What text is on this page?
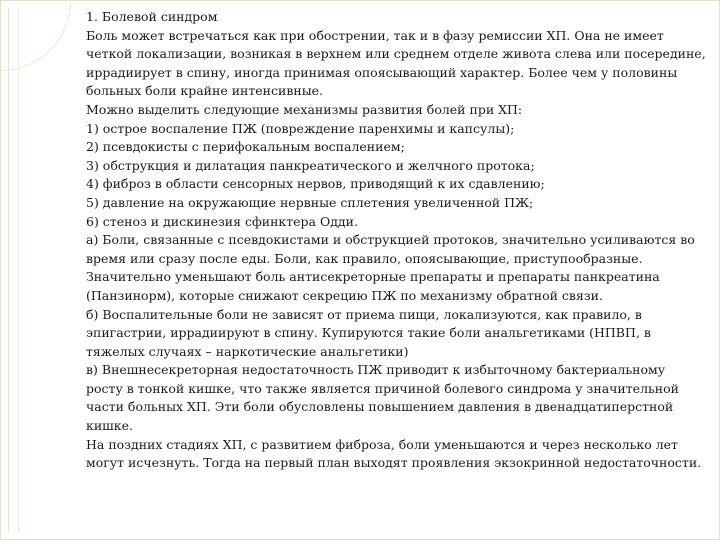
1. Болевой синдром
Боль может встречаться как при обострении, так и в фазу ремиссии ХП. Она не имеет
четкой локализации, возникая в верхнем или среднем отделе живота слева или посередине,
иррадиирует в спину, иногда принимая опоясывающий характер. Более чем у половины
больных боли крайне интенсивные.
Можно выделить следующие механизмы развития болей при ХП:
1) острое воспаление ПЖ (повреждение паренхимы и капсулы);
2) псевдокисты с перифокальным воспалением;
3) обструкция и дилатация панкреатического и желчного протока;
4) фиброз в области сенсорных нервов, приводящий к их сдавлению;
5) давление на окружающие нервные сплетения увеличенной ПЖ;
6) стеноз и дискинезия сфинктера Одди.
а) Боли, связанные с псевдокистами и обструкцией протоков, значительно усиливаются во
время или сразу после еды. Боли, как правило, опоясывающие, приступообразные.
Значительно уменьшают боль антисекреторные препараты и препараты панкреатина
(Панзинорм), которые снижают секрецию ПЖ по механизму обратной связи.
б) Воспалительные боли не зависят от приема пищи, локализуются, как правило, в
эпигастрии, иррадиируют в спину. Купируются такие боли анальгетиками (НПВП, в
тяжелых случаях – наркотические анальгетики)
в) Внешнесекреторная недостаточность ПЖ приводит к избыточному бактериальному
росту в тонкой кишке, что также является причиной болевого синдрома у значительной
части больных ХП. Эти боли обусловлены повышением давления в двенадцатиперстной
кишке.
На поздних стадиях ХП, с развитием фиброза, боли уменьшаются и через несколько лет
могут исчезнуть. Тогда на первый план выходят проявления экзокринной недостаточности.
